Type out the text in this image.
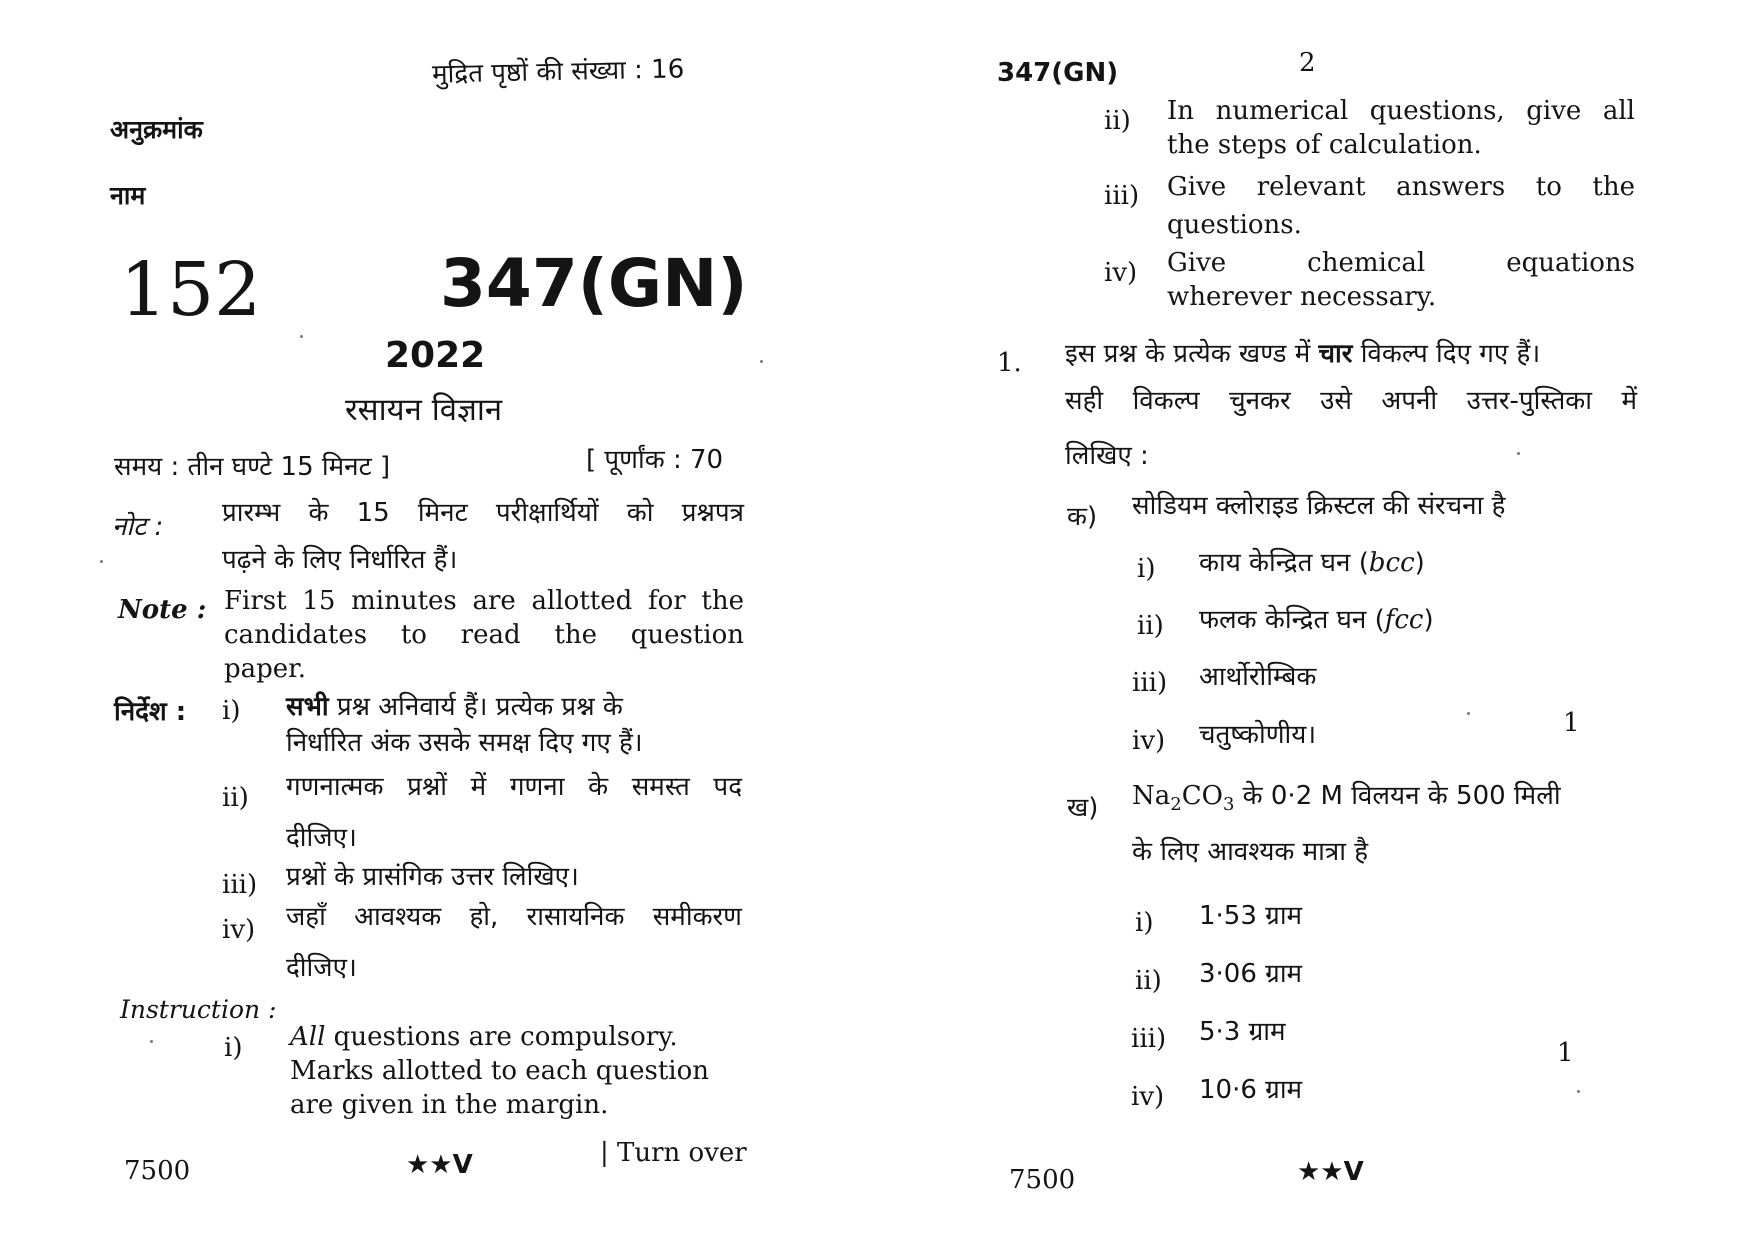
मुद्रित पृष्ठों की संख्या : 16
अनुक्रमांक
नाम
152	347(GN)
2022
रसायन विज्ञान
समय : तीन घण्टे 15 मिनट ]	[ पूर्णांक : 70
नोट : प्रारम्भ के 15 मिनट परीक्षार्थियों को प्रश्नपत्र
पढ़ने के लिए निर्धारित हैं।
Note : First 15 minutes are allotted for the
candidates to read the question
paper.
निर्देश : i) सभी प्रश्न अनिवार्य हैं। प्रत्येक प्रश्न के
निर्धारित अंक उसके समक्ष दिए गए हैं।
ii) गणनात्मक प्रश्नों में गणना के समस्त पद
दीजिए।
iii) प्रश्नों के प्रासंगिक उत्तर लिखिए।
iv) जहाँ आवश्यक हो, रासायनिक समीकरण
दीजिए।
Instruction :
i) All questions are compulsory.
Marks allotted to each question
are given in the margin.
7500	★★V	| Turn over
347(GN)	2
ii) In numerical questions, give all
the steps of calculation.
iii) Give relevant answers to the
questions.
iv) Give chemical equations
wherever necessary.
1. इस प्रश्न के प्रत्येक खण्ड में चार विकल्प दिए गए हैं।
सही विकल्प चुनकर उसे अपनी उत्तर-पुस्तिका में
लिखिए :
क) सोडियम क्लोराइड क्रिस्टल की संरचना है
i) काय केन्द्रित घन (bcc)
ii) फलक केन्द्रित घन (fcc)
iii) आर्थोरोम्बिक
iv) चतुष्कोणीय।	1
ख) $Na_2CO_3$ के 0·2 M विलयन के 500 मिली
के लिए आवश्यक मात्रा है
i) 1·53 ग्राम
ii) 3·06 ग्राम
iii) 5·3 ग्राम
iv) 10·6 ग्राम
1
7500	★★V
